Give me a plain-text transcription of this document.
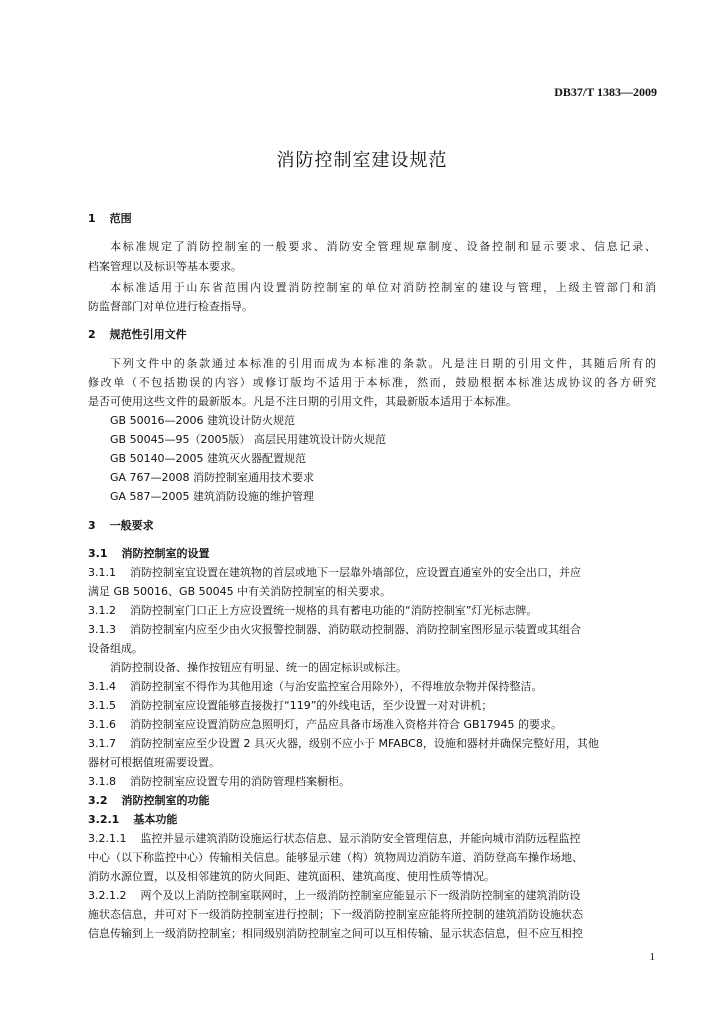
DB37/T 1383—2009
消防控制室建设规范
1 范围
本标准规定了消防控制室的一般要求、消防安全管理规章制度、设备控制和显示要求、信息记录、
档案管理以及标识等基本要求。
本标准适用于山东省范围内设置消防控制室的单位对消防控制室的建设与管理，上级主管部门和消
防监督部门对单位进行检查指导。
2 规范性引用文件
下列文件中的条款通过本标准的引用而成为本标准的条款。凡是注日期的引用文件，其随后所有的
修改单（不包括勘误的内容）或修订版均不适用于本标准，然而，鼓励根据本标准达成协议的各方研究
是否可使用这些文件的最新版本。凡是不注日期的引用文件，其最新版本适用于本标准。
GB 50016—2006 建筑设计防火规范
GB 50045—95（2005版） 高层民用建筑设计防火规范
GB 50140—2005 建筑灭火器配置规范
GA 767—2008 消防控制室通用技术要求
GA 587—2005 建筑消防设施的维护管理
3 一般要求
3.1 消防控制室的设置
3.1.1 消防控制室宜设置在建筑物的首层或地下一层靠外墙部位，应设置直通室外的安全出口，并应
满足 GB 50016、GB 50045 中有关消防控制室的相关要求。
3.1.2 消防控制室门口正上方应设置统一规格的具有蓄电功能的“消防控制室”灯光标志牌。
3.1.3 消防控制室内应至少由火灾报警控制器、消防联动控制器、消防控制室图形显示装置或其组合
设备组成。
消防控制设备、操作按钮应有明显、统一的固定标识或标注。
3.1.4 消防控制室不得作为其他用途（与治安监控室合用除外），不得堆放杂物并保持整洁。
3.1.5 消防控制室应设置能够直接拨打“119”的外线电话，至少设置一对对讲机；
3.1.6 消防控制室应设置消防应急照明灯，产品应具备市场准入资格并符合 GB17945 的要求。
3.1.7 消防控制室应至少设置 2 具灭火器，级别不应小于 MFABC8，设施和器材并确保完整好用，其他
器材可根据值班需要设置。
3.1.8 消防控制室应设置专用的消防管理档案橱柜。
3.2 消防控制室的功能
3.2.1 基本功能
3.2.1.1 监控并显示建筑消防设施运行状态信息、显示消防安全管理信息，并能向城市消防远程监控
中心（以下称监控中心）传输相关信息。能够显示建（构）筑物周边消防车道、消防登高车操作场地、
消防水源位置，以及相邻建筑的防火间距、建筑面积、建筑高度、使用性质等情况。
3.2.1.2 两个及以上消防控制室联网时，上一级消防控制室应能显示下一级消防控制室的建筑消防设
施状态信息，并可对下一级消防控制室进行控制；下一级消防控制室应能将所控制的建筑消防设施状态
信息传输到上一级消防控制室；相同级别消防控制室之间可以互相传输、显示状态信息，但不应互相控
1
